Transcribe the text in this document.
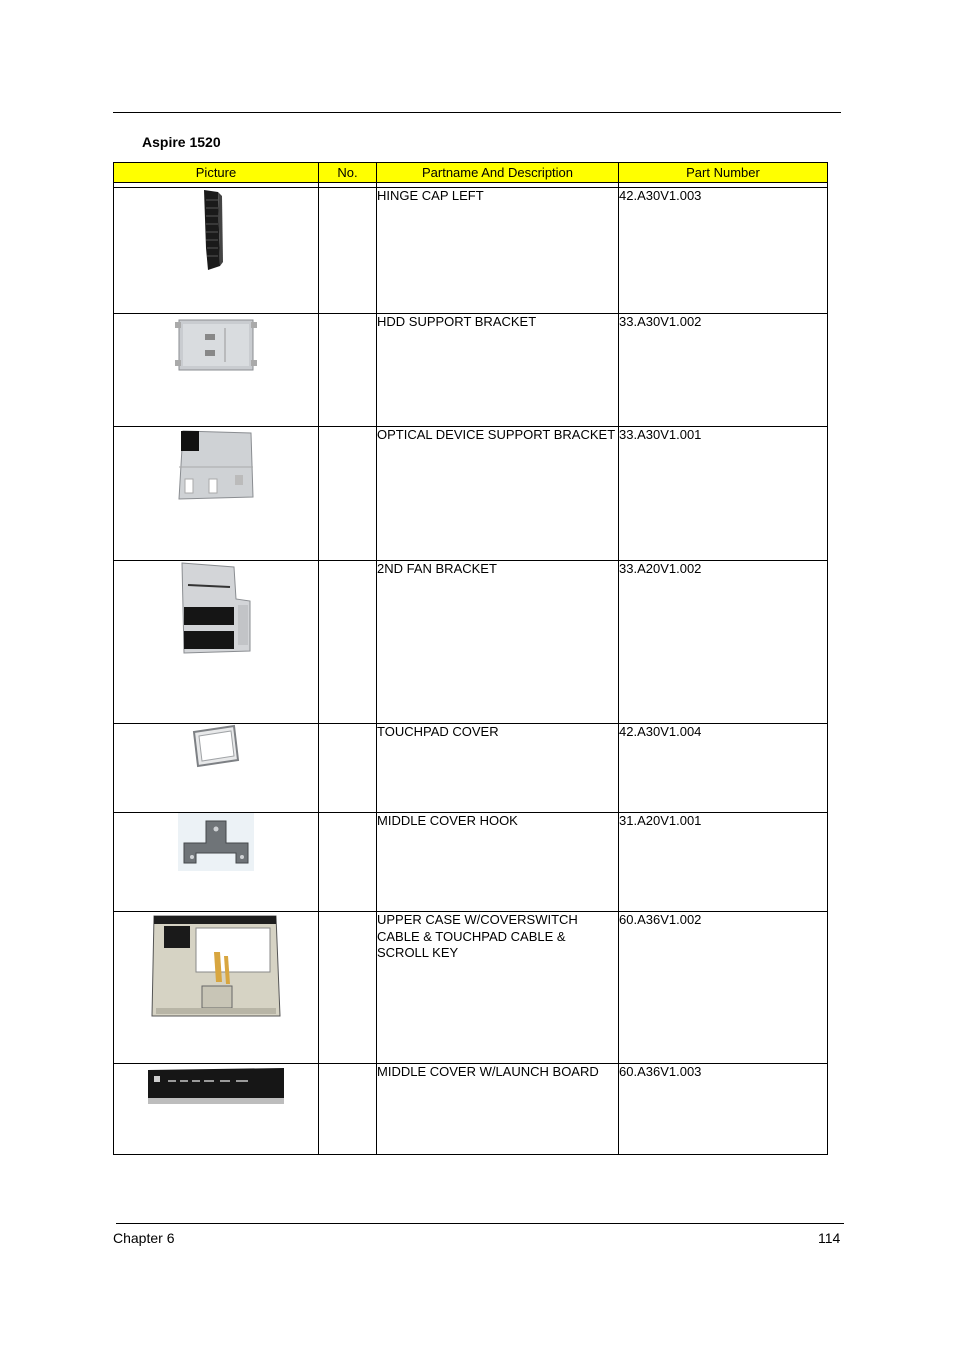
Aspire 1520
Picture	No.	Partname And Description	Part Number

		HINGE CAP LEFT	42.A30V1.003

		HDD SUPPORT BRACKET	33.A30V1.002

		OPTICAL DEVICE SUPPORT BRACKET	33.A30V1.001

		2ND FAN BRACKET	33.A20V1.002

		TOUCHPAD COVER	42.A30V1.004

		MIDDLE COVER HOOK	31.A20V1.001

		UPPER CASE W/COVERSWITCH CABLE & TOUCHPAD CABLE & SCROLL KEY	60.A36V1.002

		MIDDLE COVER W/LAUNCH BOARD	60.A36V1.003
Chapter 6	114
